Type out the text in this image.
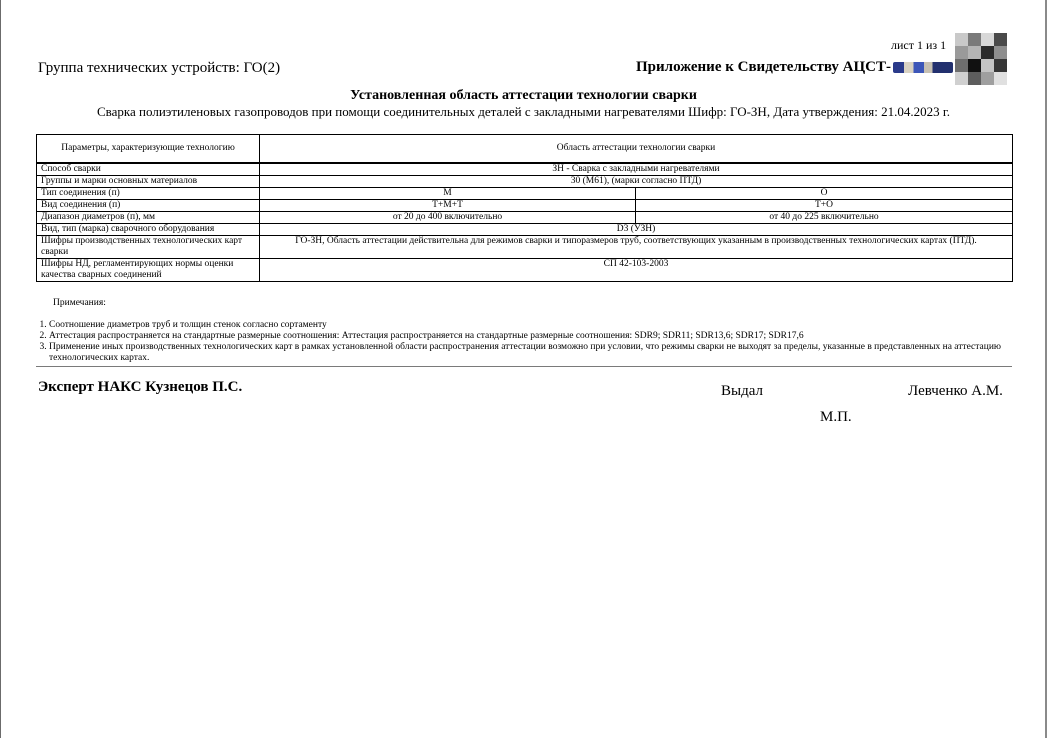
лист 1 из 1
Группа технических устройств: ГО(2)	Приложение к Свидетельству АЦСТ-
Установленная область аттестации технологии сварки
Сварка полиэтиленовых газопроводов при помощи соединительных деталей с закладными нагревателями Шифр: ГО-ЗН, Дата утверждения: 21.04.2023 г.
Параметры, характеризующие технологию	Область аттестации технологии сварки	
Способ сварки	ЗН - Сварка с закладными нагревателями	
Группы и марки основных материалов	30 (М61), (марки согласно ПТД)	
Тип соединения (п)	М	О
Вид соединения (п)	Т+М+Т	Т+О
Диапазон диаметров (п), мм	от 20 до 400 включительно	от 40 до 225 включительно
Вид, тип (марка) сварочного оборудования	D3 (УЗН)	
Шифры производственных технологических карт сварки	ГО-ЗН, Область аттестации действительна для режимов сварки и типоразмеров труб, соответствующих указанным в производственных технологических картах (ПТД).	
Шифры НД, регламентирующих нормы оценки качества сварных соединений	СП 42-103-2003	
Примечания:
1. Соотношение диаметров труб и толщин стенок согласно сортаменту
2. Аттестация распространяется на стандартные размерные соотношения: Аттестация распространяется на стандартные размерные соотношения: SDR9; SDR11; SDR13,6; SDR17; SDR17,6
3. Применение иных производственных технологических карт в рамках установленной области распространения аттестации возможно при условии, что режимы сварки не выходят за пределы, указанные в представленных на аттестацию технологических картах.
Эксперт НАКС Кузнецов П.С.	Выдал	Левченко А.М.
М.П.
